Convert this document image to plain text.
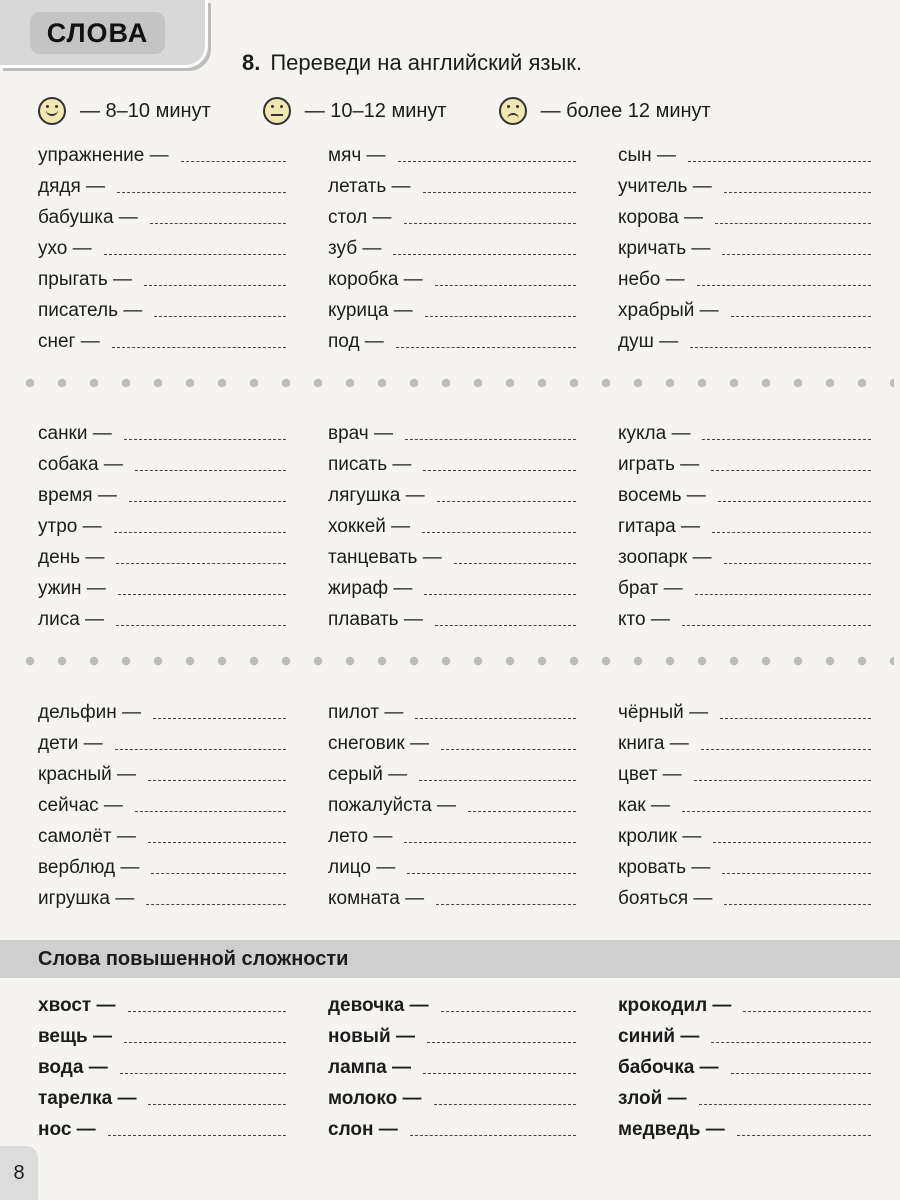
СЛОВА
8. Переведи на английский язык.
— 8–10 минут	— 10–12 минут	— более 12 минут
упражнение —
дядя —
бабушка —
ухо —
прыгать —
писатель —
снег —
мяч —
летать —
стол —
зуб —
коробка —
курица —
под —
сын —
учитель —
корова —
кричать —
небо —
храбрый —
душ —
санки —
собака —
время —
утро —
день —
ужин —
лиса —
врач —
писать —
лягушка —
хоккей —
танцевать —
жираф —
плавать —
кукла —
играть —
восемь —
гитара —
зоопарк —
брат —
кто —
дельфин —
дети —
красный —
сейчас —
самолёт —
верблюд —
игрушка —
пилот —
снеговик —
серый —
пожалуйста —
лето —
лицо —
комната —
чёрный —
книга —
цвет —
как —
кролик —
кровать —
бояться —
Слова повышенной сложности
хвост —
вещь —
вода —
тарелка —
нос —
девочка —
новый —
лампа —
молоко —
слон —
крокодил —
синий —
бабочка —
злой —
медведь —
8
